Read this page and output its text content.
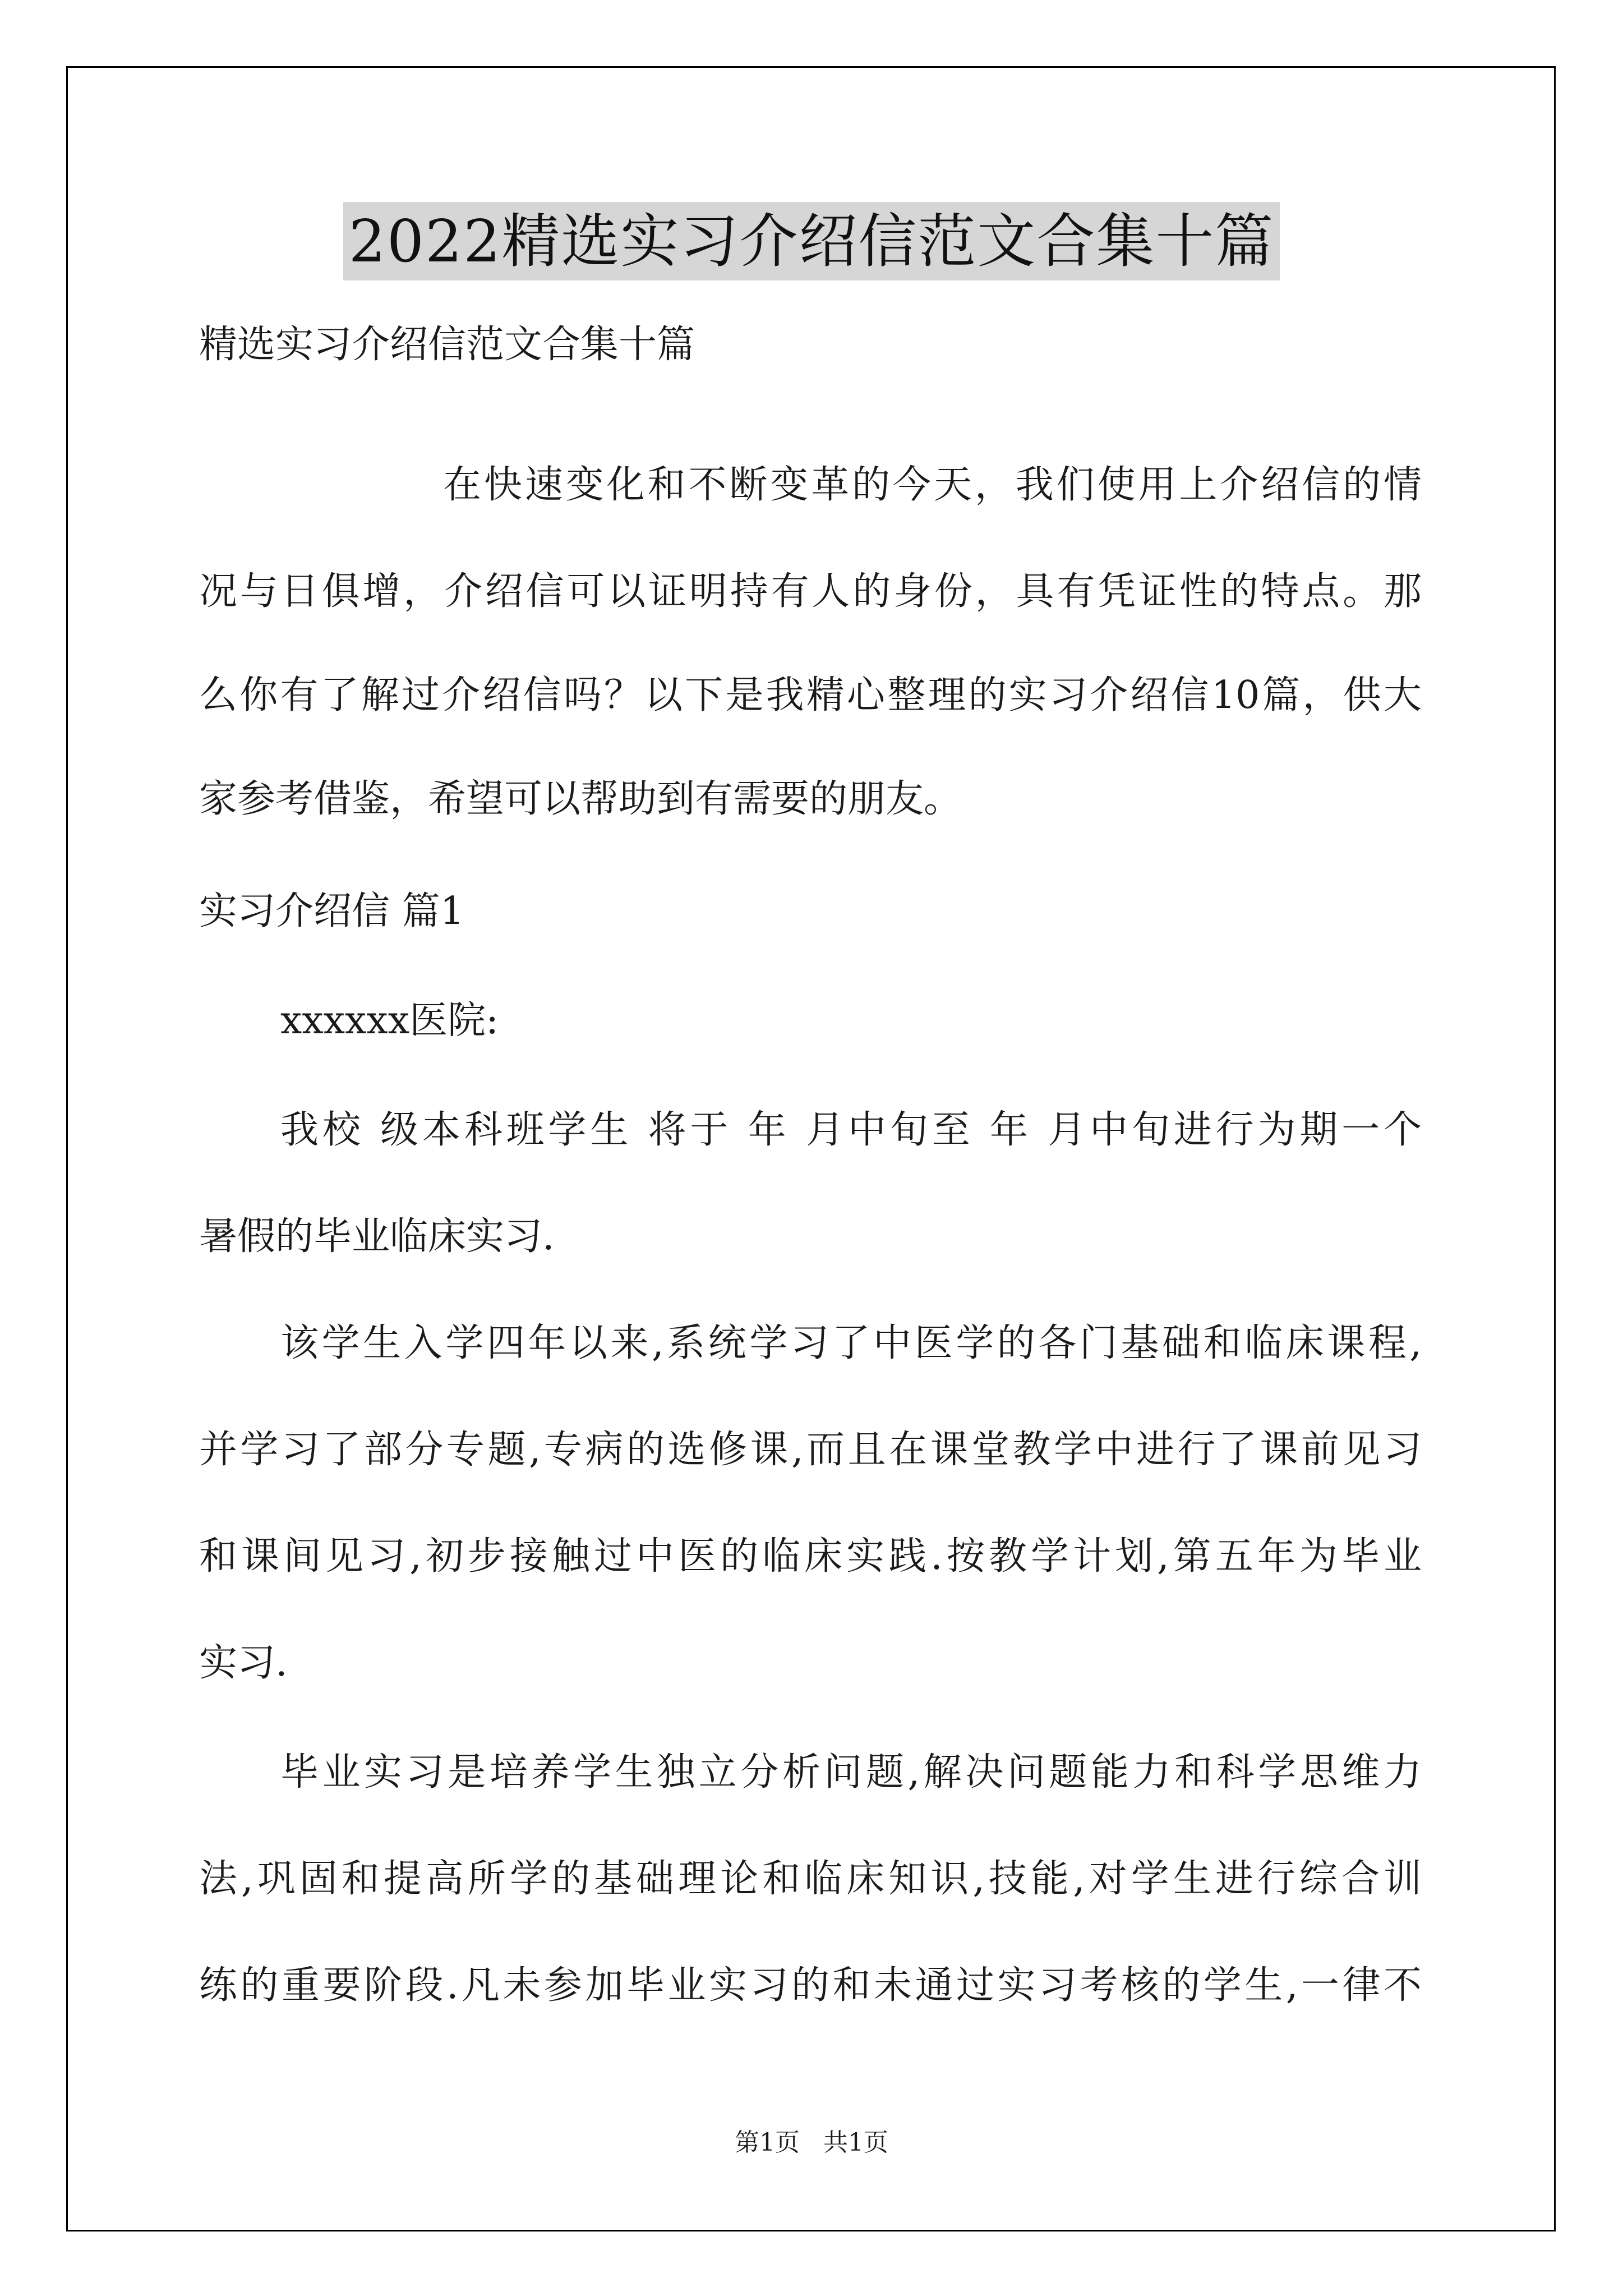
2022精选实习介绍信范文合集十篇
精选实习介绍信范文合集十篇
在快速变化和不断变革的今天，我们使用上介绍信的情
况与日俱增，介绍信可以证明持有人的身份，具有凭证性的特点。那
么你有了解过介绍信吗？以下是我精心整理的实习介绍信10篇，供大
家参考借鉴，希望可以帮助到有需要的朋友。
实习介绍信 篇1
xxxxxx医院:
我校 级本科班学生 将于 年 月中旬至 年 月中旬进行为期一个
暑假的毕业临床实习.
该学生入学四年以来,系统学习了中医学的各门基础和临床课程,
并学习了部分专题,专病的选修课,而且在课堂教学中进行了课前见习
和课间见习,初步接触过中医的临床实践.按教学计划,第五年为毕业
实习.
毕业实习是培养学生独立分析问题,解决问题能力和科学思维力
法,巩固和提高所学的基础理论和临床知识,技能,对学生进行综合训
练的重要阶段.凡未参加毕业实习的和未通过实习考核的学生,一律不
第1页 共1页
